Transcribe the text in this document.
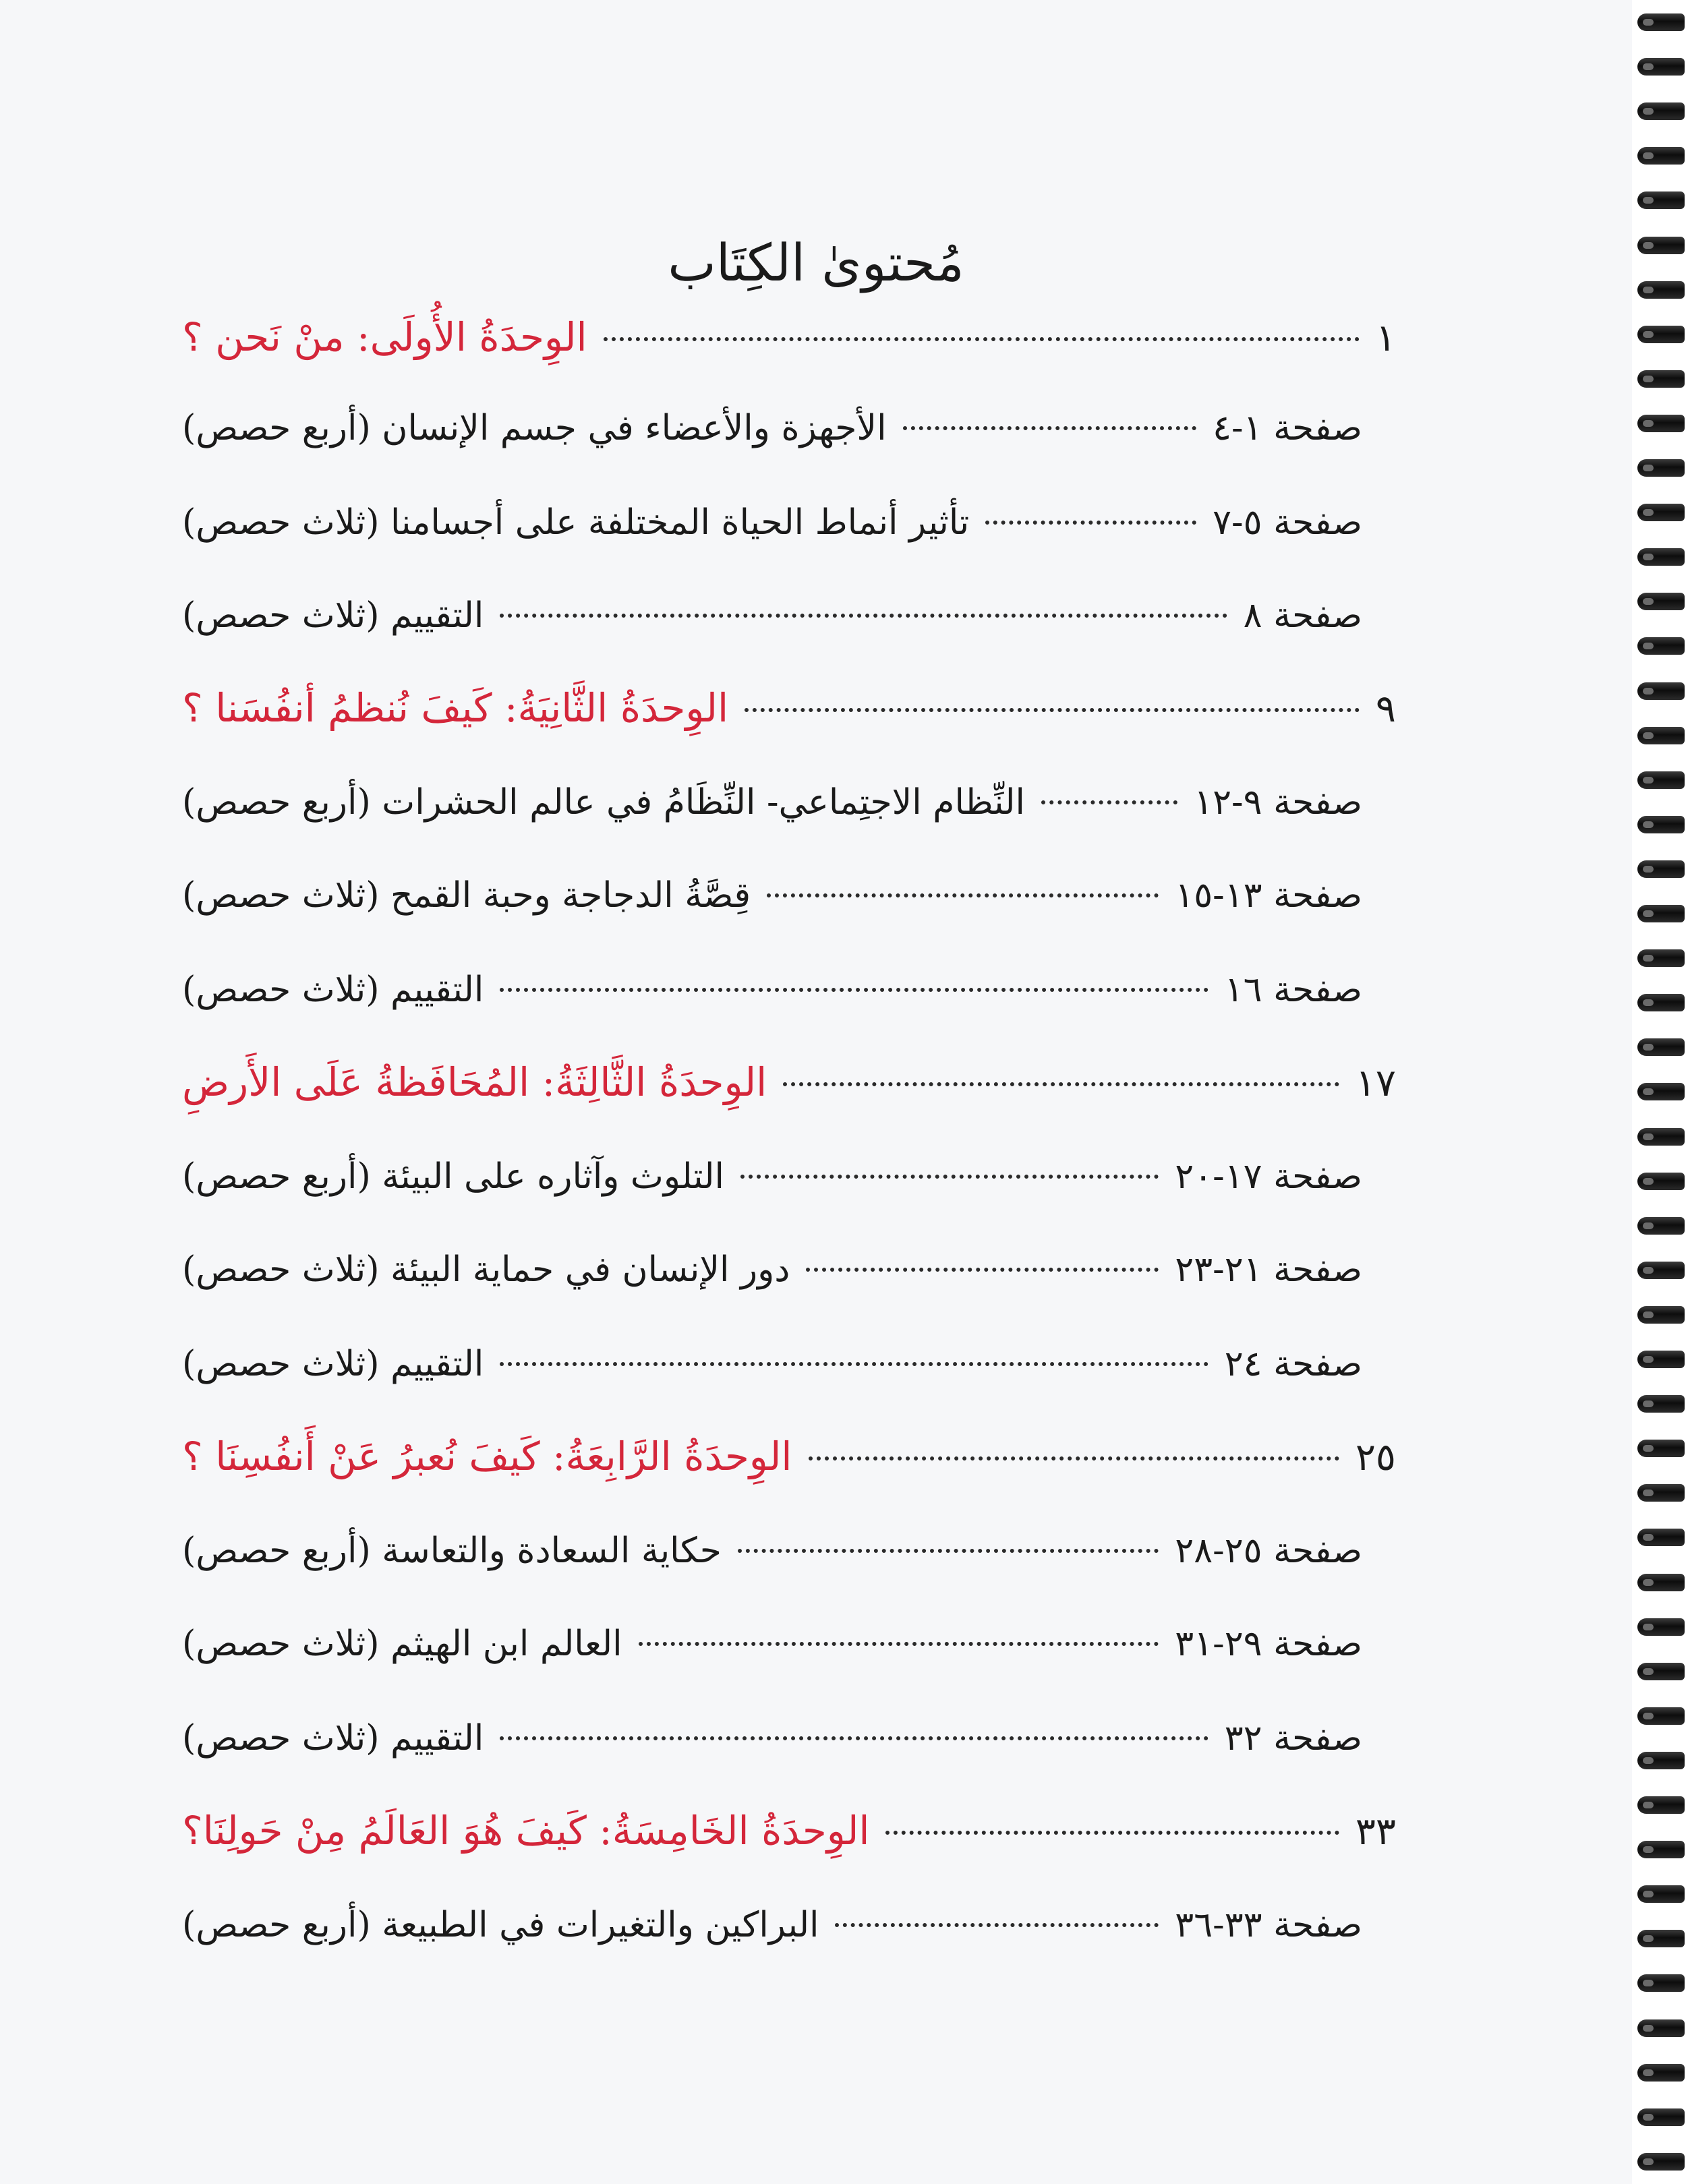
مُحتوىٰ الكِتَاب
الوِحدَةُ الأُولَى: منْ نَحن ؟	١
الأجهزة والأعضاء في جسم الإنسان (أربع حصص)	صفحة ١-٤
تأثير أنماط الحياة المختلفة على أجسامنا (ثلاث حصص)	صفحة ٥-٧
التقييم (ثلاث حصص)	صفحة ٨
الوِحدَةُ الثَّانِيَةُ: كَيفَ نُنظمُ أنفُسَنا ؟	٩
النِّظام الاجتِماعي- النِّظَامُ في عالم الحشرات (أربع حصص)	صفحة ٩-١٢
قِصَّةُ الدجاجة وحبة القمح (ثلاث حصص)	صفحة ١٣-١٥
التقييم (ثلاث حصص)	صفحة ١٦
الوِحدَةُ الثَّالِثَةُ: المُحَافَظةُ عَلَى الأَرضِ	١٧
التلوث وآثاره على البيئة (أربع حصص)	صفحة ١٧-٢٠
دور الإنسان في حماية البيئة (ثلاث حصص)	صفحة ٢١-٢٣
التقييم (ثلاث حصص)	صفحة ٢٤
الوِحدَةُ الرَّابِعَةُ: كَيفَ نُعبرُ عَنْ أَنفُسِنَا ؟	٢٥
حكاية السعادة والتعاسة (أربع حصص)	صفحة ٢٥-٢٨
العالم ابن الهيثم (ثلاث حصص)	صفحة ٢٩-٣١
التقييم (ثلاث حصص)	صفحة ٣٢
الوِحدَةُ الخَامِسَةُ: كَيفَ هُوَ العَالَمُ مِنْ حَولِنَا؟	٣٣
البراكين والتغيرات في الطبيعة (أربع حصص)	صفحة ٣٣-٣٦
